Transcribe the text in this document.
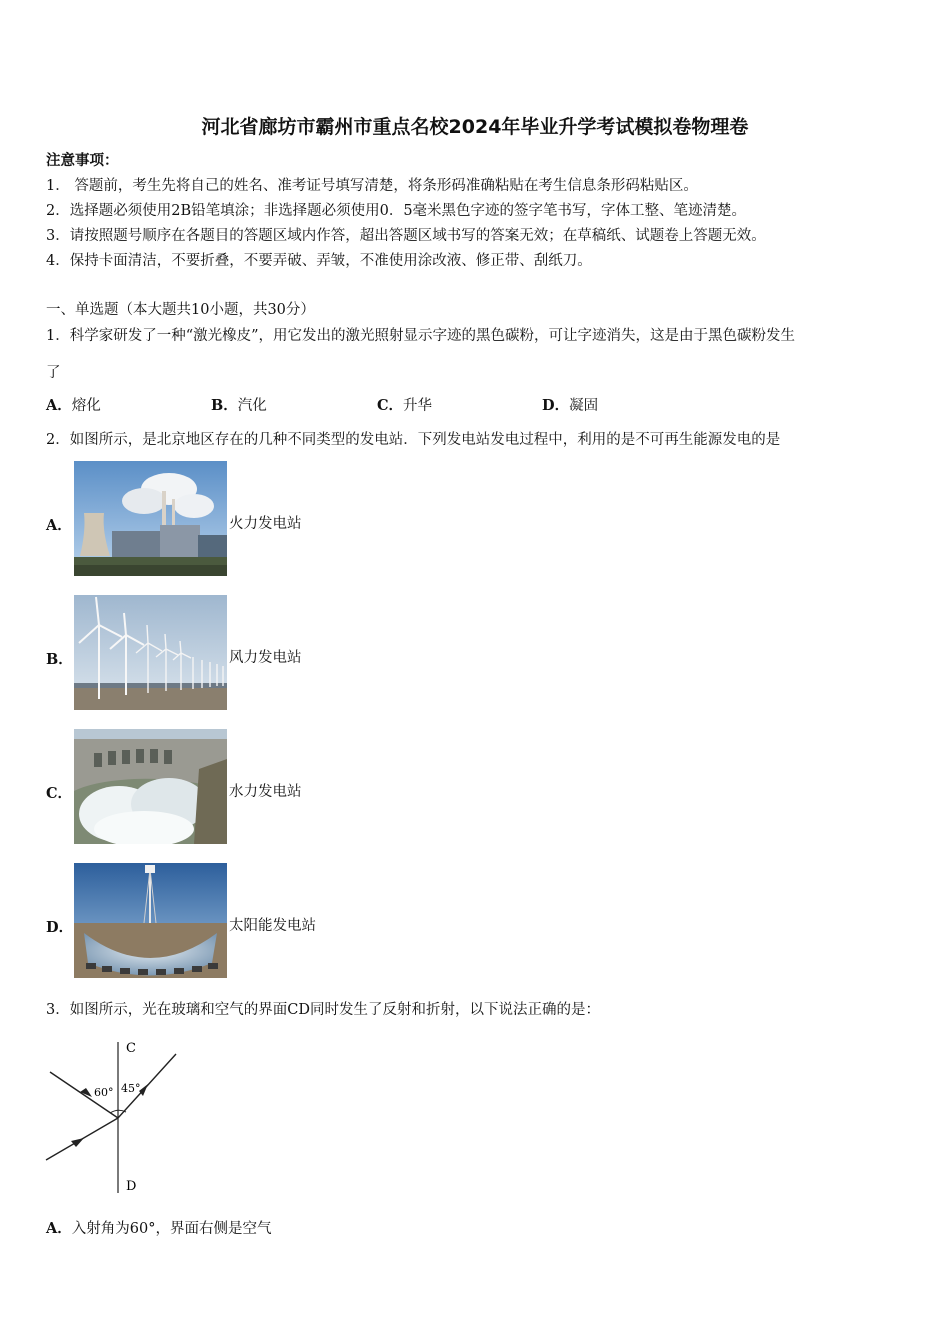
河北省廊坊市霸州市重点名校2024年毕业升学考试模拟卷物理卷
注意事项：
1． 答题前，考生先将自己的姓名、准考证号填写清楚，将条形码准确粘贴在考生信息条形码粘贴区。
2．选择题必须使用2B铅笔填涂；非选择题必须使用0．5毫米黑色字迹的签字笔书写，字体工整、笔迹清楚。
3．请按照题号顺序在各题目的答题区域内作答，超出答题区域书写的答案无效；在草稿纸、试题卷上答题无效。
4．保持卡面清洁，不要折叠，不要弄破、弄皱，不准使用涂改液、修正带、刮纸刀。
一、单选题（本大题共10小题，共30分）
1．科学家研发了一种“激光橡皮”，用它发出的激光照射显示字迹的黑色碳粉，可让字迹消失，这是由于黑色碳粉发生
了
A．熔化	B．汽化	C．升华	D．凝固
2．如图所示，是北京地区存在的几种不同类型的发电站．下列发电站发电过程中，利用的是不可再生能源发电的是
A．	火力发电站
B．	风力发电站
C．	水力发电站
D．	太阳能发电站
3．如图所示，光在玻璃和空气的界面CD同时发生了反射和折射，以下说法正确的是：
C
D
60° 45°
A．入射角为60°，界面右侧是空气
